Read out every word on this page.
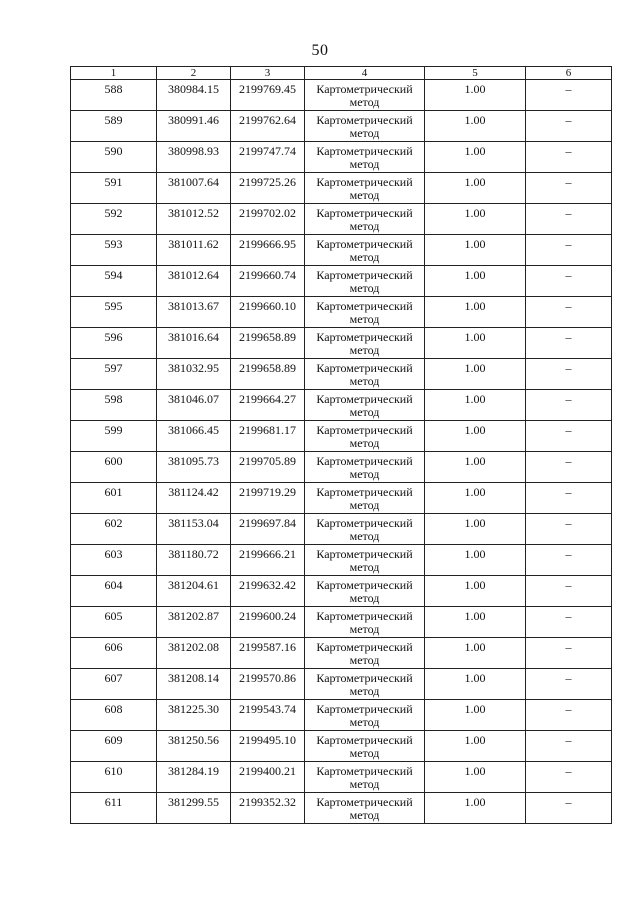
50
1	2	3	4	5	6
588	380984.15	2199769.45	Картометрический метод	1.00	–
589	380991.46	2199762.64	Картометрический метод	1.00	–
590	380998.93	2199747.74	Картометрический метод	1.00	–
591	381007.64	2199725.26	Картометрический метод	1.00	–
592	381012.52	2199702.02	Картометрический метод	1.00	–
593	381011.62	2199666.95	Картометрический метод	1.00	–
594	381012.64	2199660.74	Картометрический метод	1.00	–
595	381013.67	2199660.10	Картометрический метод	1.00	–
596	381016.64	2199658.89	Картометрический метод	1.00	–
597	381032.95	2199658.89	Картометрический метод	1.00	–
598	381046.07	2199664.27	Картометрический метод	1.00	–
599	381066.45	2199681.17	Картометрический метод	1.00	–
600	381095.73	2199705.89	Картометрический метод	1.00	–
601	381124.42	2199719.29	Картометрический метод	1.00	–
602	381153.04	2199697.84	Картометрический метод	1.00	–
603	381180.72	2199666.21	Картометрический метод	1.00	–
604	381204.61	2199632.42	Картометрический метод	1.00	–
605	381202.87	2199600.24	Картометрический метод	1.00	–
606	381202.08	2199587.16	Картометрический метод	1.00	–
607	381208.14	2199570.86	Картометрический метод	1.00	–
608	381225.30	2199543.74	Картометрический метод	1.00	–
609	381250.56	2199495.10	Картометрический метод	1.00	–
610	381284.19	2199400.21	Картометрический метод	1.00	–
611	381299.55	2199352.32	Картометрический метод	1.00	–
